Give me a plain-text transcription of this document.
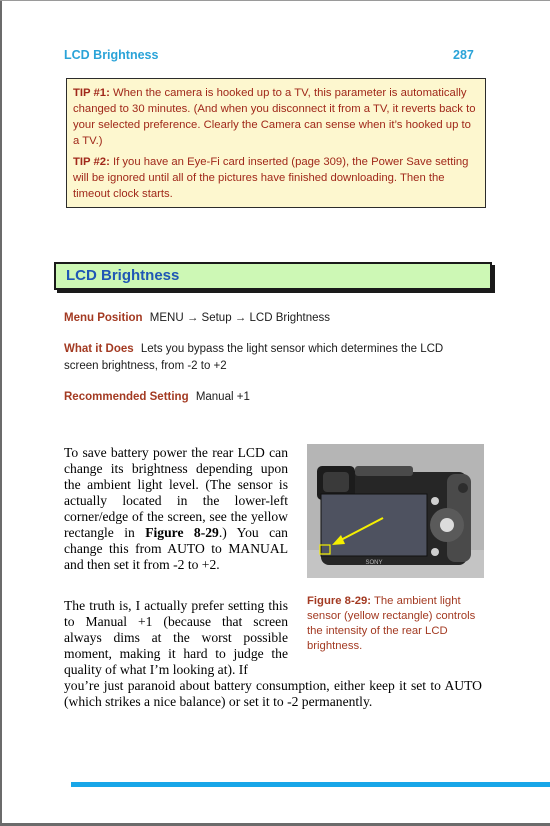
LCD Brightness	287

TIP #1: When the camera is hooked up to a TV, this parameter is automatically changed to 30 minutes. (And when you disconnect it from a TV, it reverts back to your selected preference. Clearly the Camera can sense when it’s hooked up to a TV.)

TIP #2: If you have an Eye-Fi card inserted (page 309), the Power Save setting will be ignored until all of the pictures have finished downloading. Then the timeout clock starts.

LCD Brightness
Menu Position MENU → Setup → LCD Brightness
What it Does Lets you bypass the light sensor which determines the LCD screen brightness, from -2 to +2
Recommended Setting Manual +1
To save battery power the rear LCD can change its brightness depending upon the ambient light level. (The sensor is actually located in the lower-left corner/edge of the screen, see the yellow rectangle in Figure 8-29.) You can change this from AUTO to MANUAL and then set it from -2 to +2.
The truth is, I actually prefer setting this to Manual +1 (because that screen always dims at the worst possible moment, making it hard to judge the quality of what I’m looking at). If
you’re just paranoid about battery consumption, either keep it set to AUTO (which strikes a nice balance) or set it to -2 permanently.
SONY
Figure 8-29: The ambient light sensor (yellow rectangle) controls the intensity of the rear LCD brightness.
